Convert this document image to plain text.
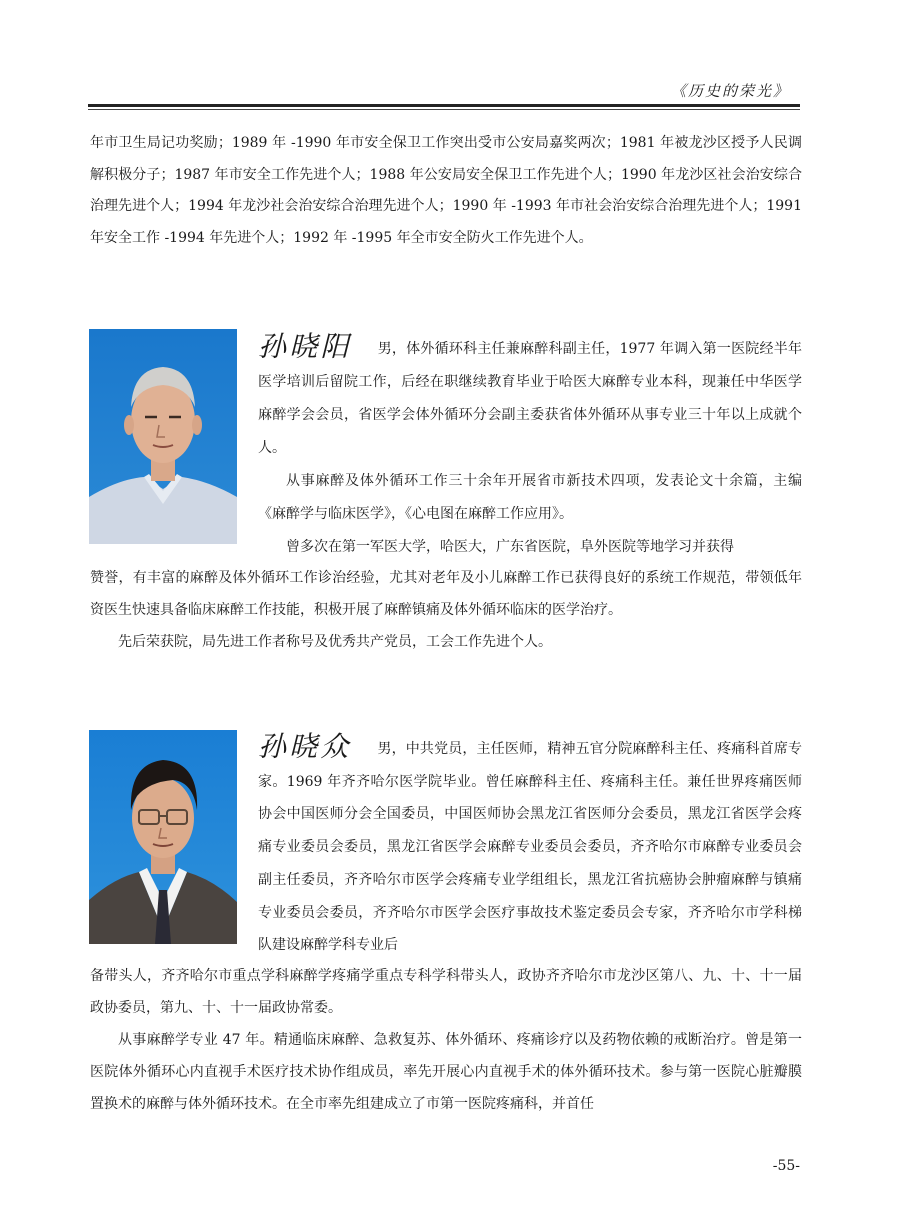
《历史的荣光》

年市卫生局记功奖励；1989 年 -1990 年市安全保卫工作突出受市公安局嘉奖两次；1981 年被龙沙区授予人民调解积极分子；1987 年市安全工作先进个人；1988 年公安局安全保卫工作先进个人；1990 年龙沙区社会治安综合治理先进个人；1994 年龙沙社会治安综合治理先进个人；1990 年 -1993 年市社会治安综合治理先进个人；1991 年安全工作 -1994 年先进个人；1992 年 -1995 年全市安全防火工作先进个人。

孙晓阳 男，体外循环科主任兼麻醉科副主任，1977 年调入第一医院经半年医学培训后留院工作，后经在职继续教育毕业于哈医大麻醉专业本科，现兼任中华医学麻醉学会会员，省医学会体外循环分会副主委获省体外循环从事专业三十年以上成就个人。

从事麻醉及体外循环工作三十余年开展省市新技术四项，发表论文十余篇，主编《麻醉学与临床医学》，《心电图在麻醉工作应用》。

曾多次在第一军医大学，哈医大，广东省医院，阜外医院等地学习并获得

赞誉，有丰富的麻醉及体外循环工作诊治经验，尤其对老年及小儿麻醉工作已获得良好的系统工作规范，带领低年资医生快速具备临床麻醉工作技能，积极开展了麻醉镇痛及体外循环临床的医学治疗。

先后荣获院，局先进工作者称号及优秀共产党员，工会工作先进个人。

孙晓众 男，中共党员，主任医师，精神五官分院麻醉科主任、疼痛科首席专家。1969 年齐齐哈尔医学院毕业。曾任麻醉科主任、疼痛科主任。兼任世界疼痛医师协会中国医师分会全国委员，中国医师协会黑龙江省医师分会委员，黑龙江省医学会疼痛专业委员会委员，黑龙江省医学会麻醉专业委员会委员，齐齐哈尔市麻醉专业委员会副主任委员，齐齐哈尔市医学会疼痛专业学组组长，黑龙江省抗癌协会肿瘤麻醉与镇痛专业委员会委员，齐齐哈尔市医学会医疗事故技术鉴定委员会专家，齐齐哈尔市学科梯队建设麻醉学科专业后

备带头人，齐齐哈尔市重点学科麻醉学疼痛学重点专科学科带头人，政协齐齐哈尔市龙沙区第八、九、十、十一届政协委员，第九、十、十一届政协常委。

从事麻醉学专业 47 年。精通临床麻醉、急救复苏、体外循环、疼痛诊疗以及药物依赖的戒断治疗。曾是第一医院体外循环心内直视手术医疗技术协作组成员，率先开展心内直视手术的体外循环技术。参与第一医院心脏瓣膜置换术的麻醉与体外循环技术。在全市率先组建成立了市第一医院疼痛科，并首任

-55-
